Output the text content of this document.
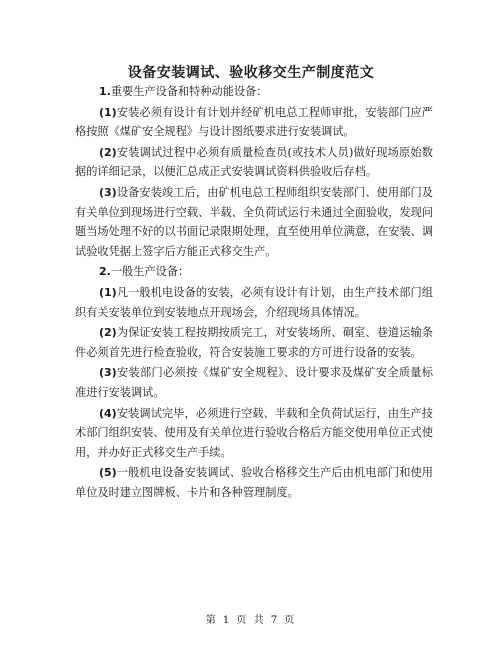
设备安装调试、验收移交生产制度范文
1.重要生产设备和特种动能设备：
(1)安装必须有设计有计划并经矿机电总工程师审批，安装部门应严格按照《煤矿安全规程》与设计图纸要求进行安装调试。
(2)安装调试过程中必须有质量检查员(或技术人员)做好现场原始数据的详细记录，以便汇总成正式安装调试资料供验收后存档。
(3)设备安装竣工后，由矿机电总工程师组织安装部门、使用部门及有关单位到现场进行空载、半载、全负荷试运行未通过全面验收，发现问题当场处理不好的以书面记录限期处理，直至使用单位满意，在安装、调试验收凭据上签字后方能正式移交生产。
2.一般生产设备：
(1)凡一般机电设备的安装，必须有设计有计划，由生产技术部门组织有关安装单位到安装地点开现场会，介绍现场具体情况。
(2)为保证安装工程按期按质完工，对安装场所、硐室、巷道运输条件必须首先进行检查验收，符合安装施工要求的方可进行设备的安装。
(3)安装部门必须按《煤矿安全规程》、设计要求及煤矿安全质量标准进行安装调试。
(4)安装调试完毕，必须进行空载、半载和全负荷试运行，由生产技术部门组织安装、使用及有关单位进行验收合格后方能交使用单位正式使用，并办好正式移交生产手续。
(5)一般机电设备安装调试、验收合格移交生产后由机电部门和使用单位及时建立图牌板、卡片和各种管理制度。
第 1 页 共 7 页
